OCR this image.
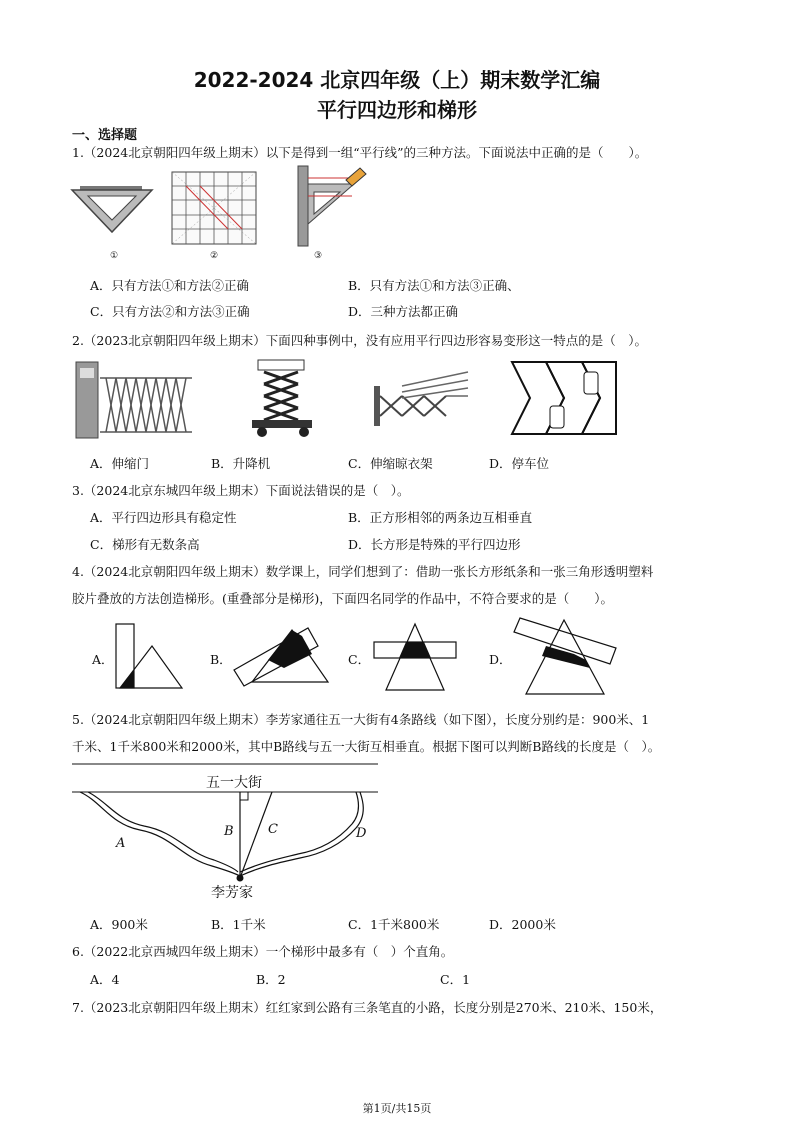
2022-2024 北京四年级（上）期末数学汇编
平行四边形和梯形
一、选择题
1.（2024北京朝阳四年级上期末）以下是得到一组“平行线”的三种方法。下面说法中正确的是（　　）。
①	②	③
A．只有方法①和方法②正确	B．只有方法①和方法③正确、
C．只有方法②和方法③正确	D．三种方法都正确
2.（2023北京朝阳四年级上期末）下面四种事例中，没有应用平行四边形容易变形这一特点的是（　）。
A．伸缩门	B．升降机	C．伸缩晾衣架	D．停车位
3.（2024北京东城四年级上期末）下面说法错误的是（　）。
A．平行四边形具有稳定性	B．正方形相邻的两条边互相垂直
C．梯形有无数条高	D．长方形是特殊的平行四边形
4.（2024北京朝阳四年级上期末）数学课上，同学们想到了：借助一张长方形纸条和一张三角形透明塑料
胶片叠放的方法创造梯形。(重叠部分是梯形)，下面四名同学的作品中，不符合要求的是（　　）。
A．	B．	C．	D．
5.（2024北京朝阳四年级上期末）李芳家通往五一大街有4条路线（如下图），长度分别约是：900米、1
千米、1千米800米和2000米，其中B路线与五一大街互相垂直。根据下图可以判断B路线的长度是（　）。
五一大街
李芳家
A
B	C	D
A．900米	B．1千米	C．1千米800米	D．2000米
6.（2022北京西城四年级上期末）一个梯形中最多有（　）个直角。
A．4	B．2	C．1
7.（2023北京朝阳四年级上期末）红红家到公路有三条笔直的小路，长度分别是270米、210米、150米，
第1页/共15页
